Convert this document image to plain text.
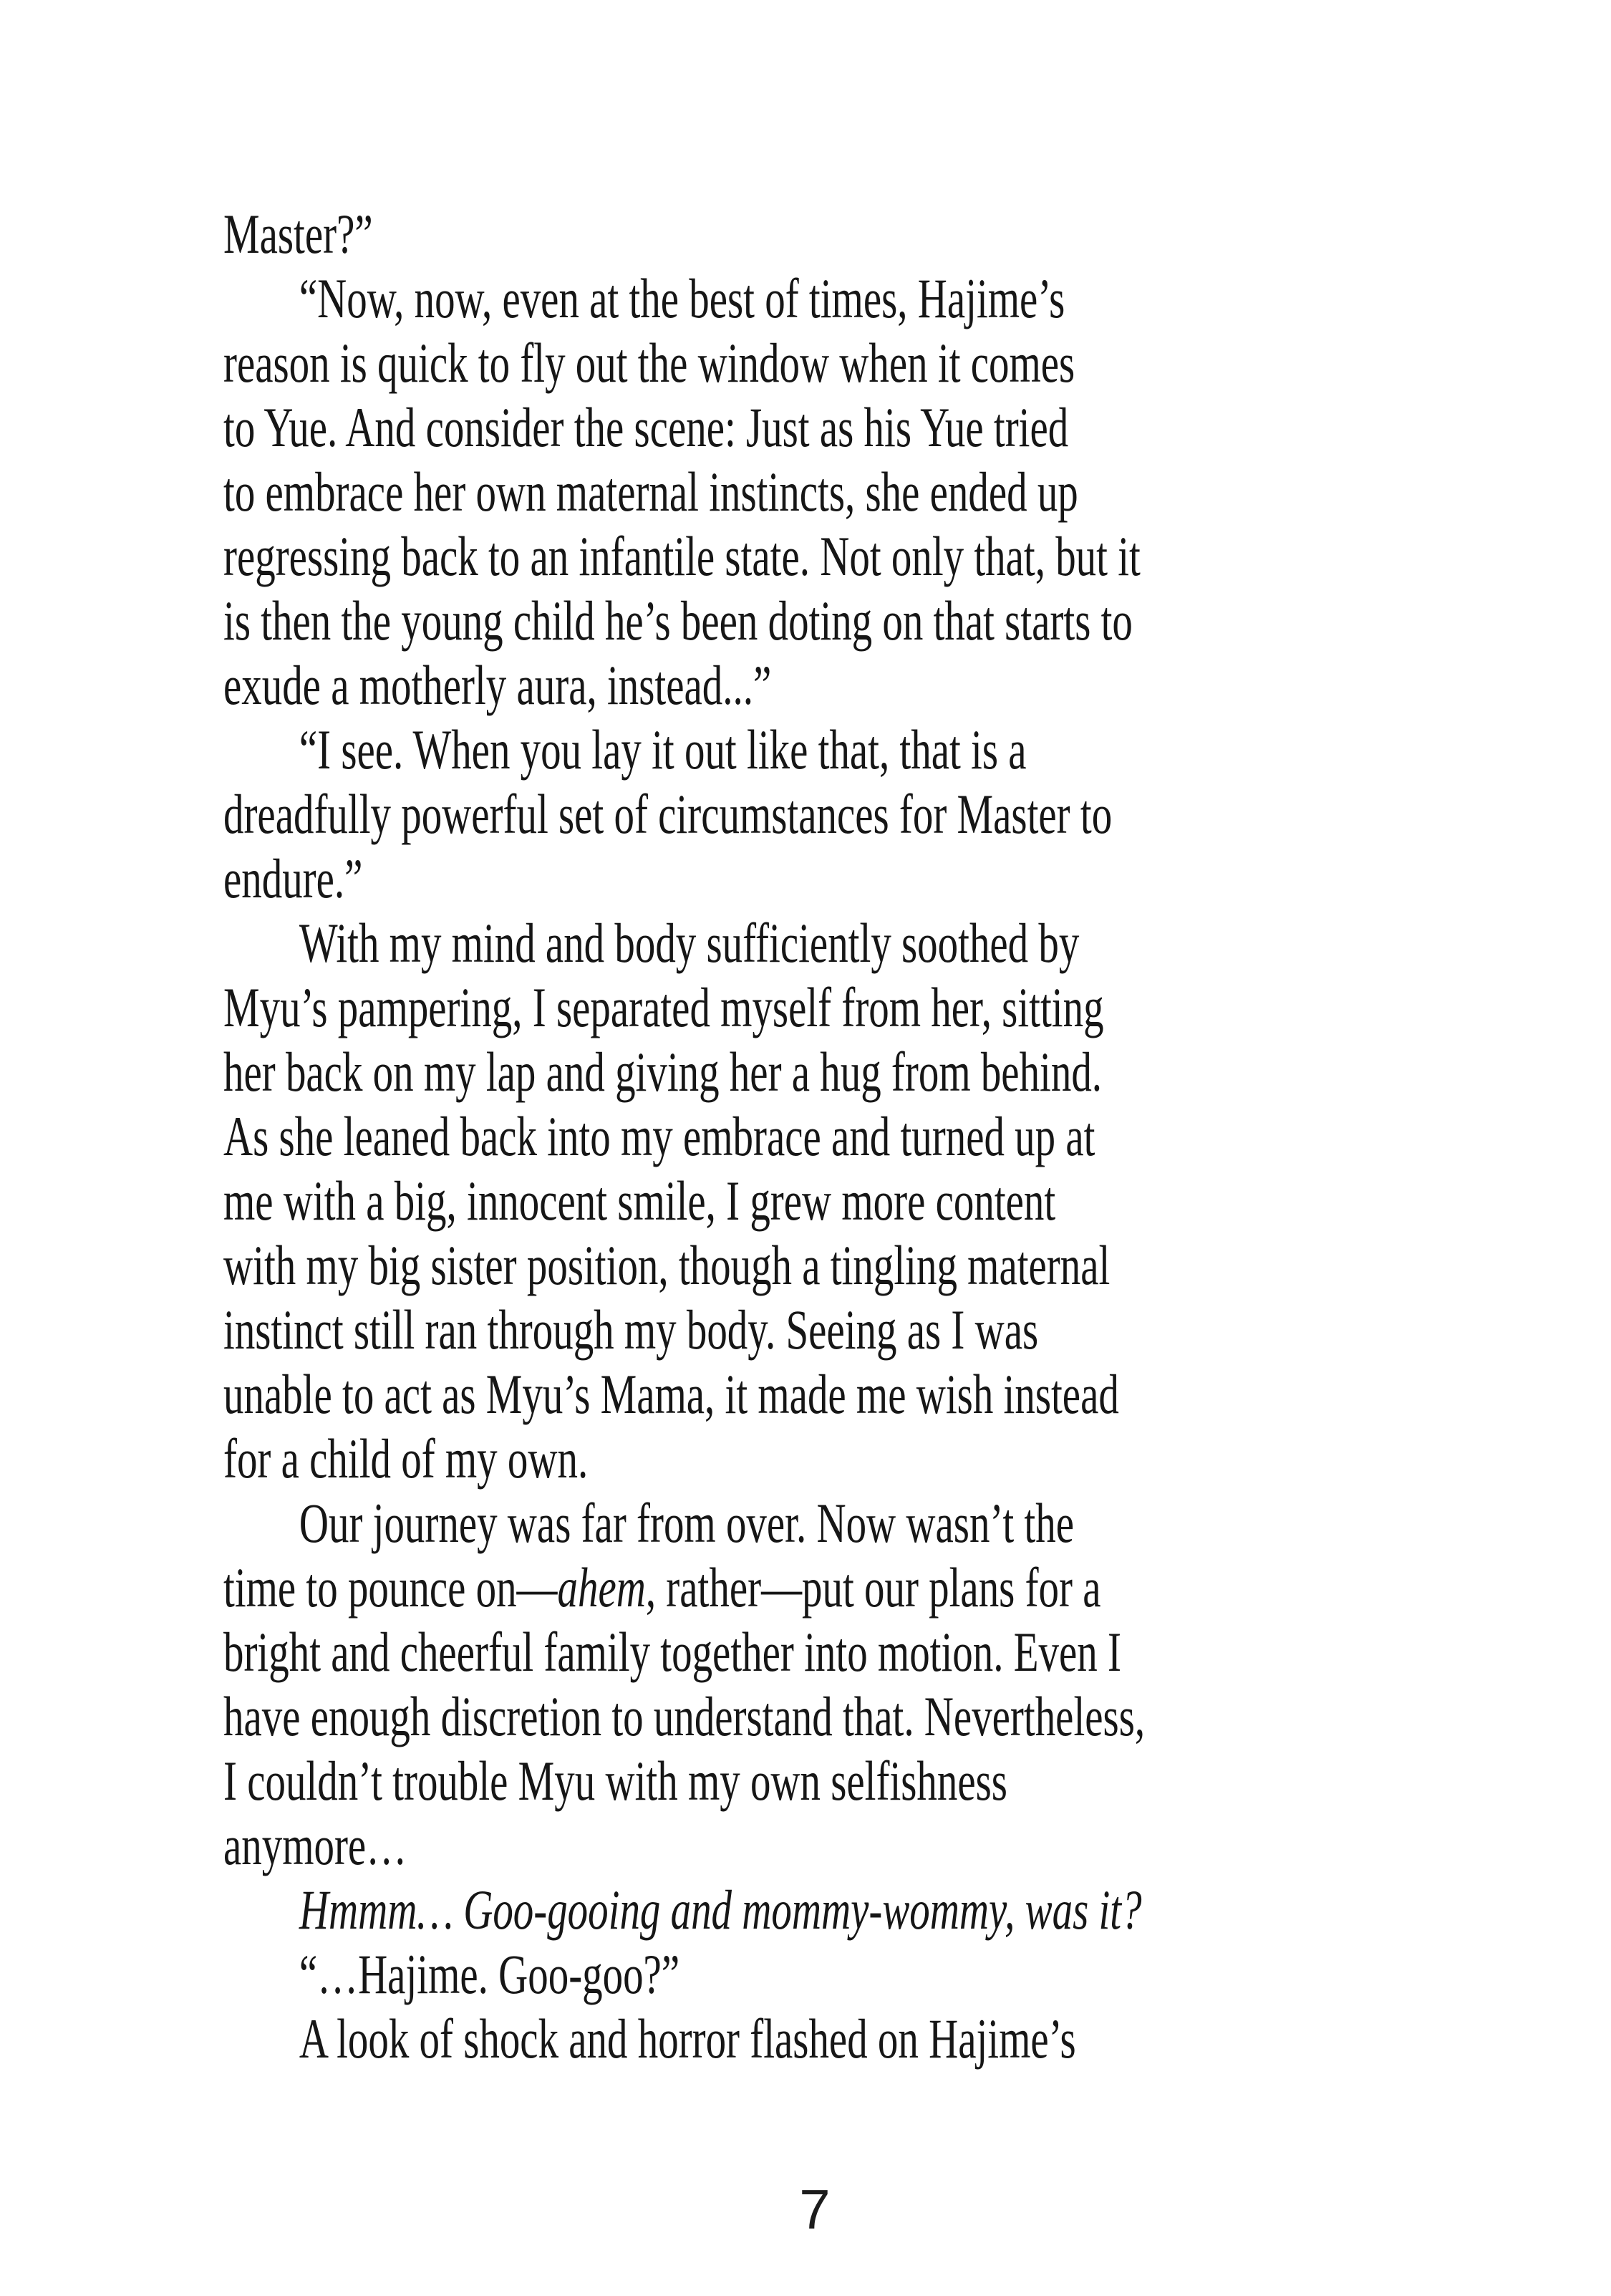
Master?”
“Now, now, even at the best of times, Hajime’s
reason is quick to fly out the window when it comes
to Yue. And consider the scene: Just as his Yue tried
to embrace her own maternal instincts, she ended up
regressing back to an infantile state. Not only that, but it
is then the young child he’s been doting on that starts to
exude a motherly aura, instead...”
“I see. When you lay it out like that, that is a
dreadfully powerful set of circumstances for Master to
endure.”
With my mind and body sufficiently soothed by
Myu’s pampering, I separated myself from her, sitting
her back on my lap and giving her a hug from behind.
As she leaned back into my embrace and turned up at
me with a big, innocent smile, I grew more content
with my big sister position, though a tingling maternal
instinct still ran through my body. Seeing as I was
unable to act as Myu’s Mama, it made me wish instead
for a child of my own.
Our journey was far from over. Now wasn’t the
time to pounce on—ahem, rather—put our plans for a
bright and cheerful family together into motion. Even I
have enough discretion to understand that. Nevertheless,
I couldn’t trouble Myu with my own selfishness
anymore…
Hmmm… Goo-gooing and mommy-wommy, was it?
“…Hajime. Goo-goo?”
A look of shock and horror flashed on Hajime’s
7
